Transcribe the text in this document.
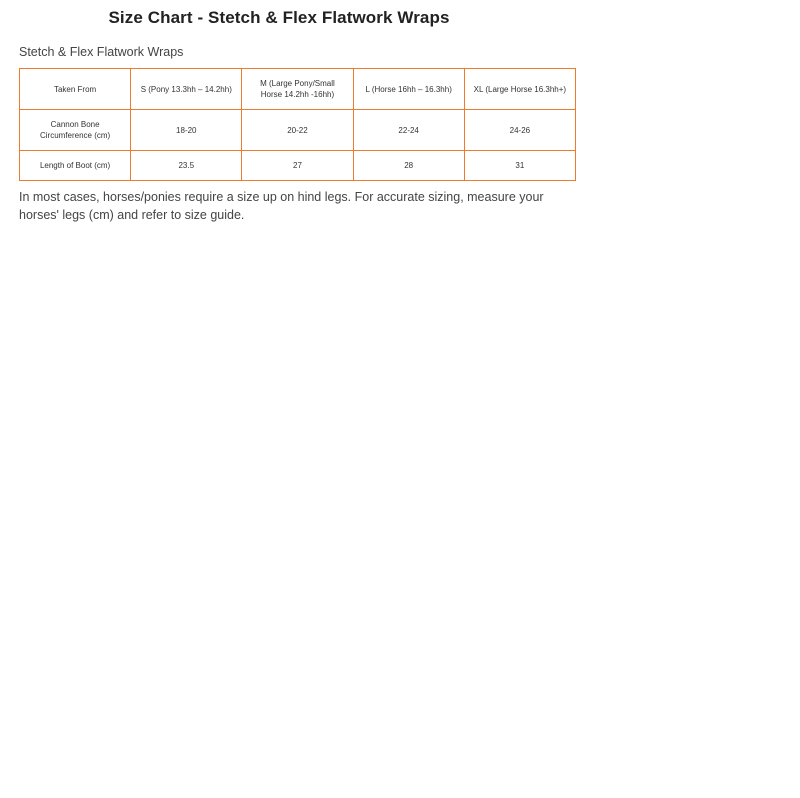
Size Chart - Stetch & Flex Flatwork Wraps
Stetch & Flex Flatwork Wraps
Taken From	S (Pony 13.3hh – 14.2hh)	M (Large Pony/Small Horse 14.2hh -16hh)	L (Horse 16hh – 16.3hh)	XL (Large Horse 16.3hh+)
Cannon Bone Circumference (cm)	18-20	20-22	22-24	24-26
Length of Boot (cm)	23.5	27	28	31

In most cases, horses/ponies require a size up on hind legs. For accurate sizing, measure your horses' legs (cm) and refer to size guide.
